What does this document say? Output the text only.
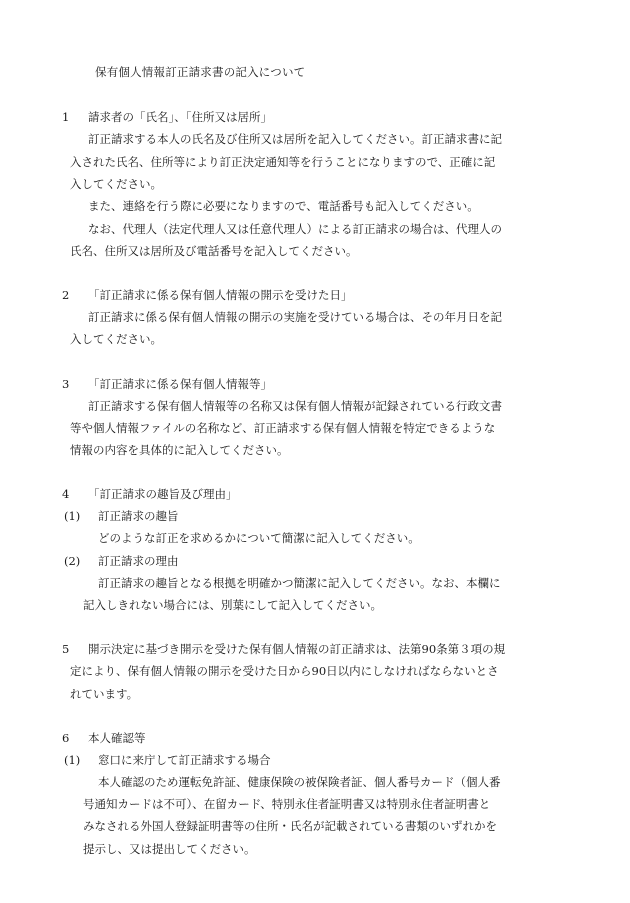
保有個人情報訂正請求書の記入について
1 請求者の「氏名」、「住所又は居所」
訂正請求する本人の氏名及び住所又は居所を記入してください。訂正請求書に記
入された氏名、住所等により訂正決定通知等を行うことになりますので、正確に記
入してください。
また、連絡を行う際に必要になりますので、電話番号も記入してください。
なお、代理人（法定代理人又は任意代理人）による訂正請求の場合は、代理人の
氏名、住所又は居所及び電話番号を記入してください。
2 「訂正請求に係る保有個人情報の開示を受けた日」
訂正請求に係る保有個人情報の開示の実施を受けている場合は、その年月日を記
入してください。
3 「訂正請求に係る保有個人情報等」
訂正請求する保有個人情報等の名称又は保有個人情報が記録されている行政文書
等や個人情報ファイルの名称など、訂正請求する保有個人情報を特定できるような
情報の内容を具体的に記入してください。
4 「訂正請求の趣旨及び理由」
(1) 訂正請求の趣旨
どのような訂正を求めるかについて簡潔に記入してください。
(2) 訂正請求の理由
訂正請求の趣旨となる根拠を明確かつ簡潔に記入してください。なお、本欄に
記入しきれない場合には、別葉にして記入してください。
5 開示決定に基づき開示を受けた保有個人情報の訂正請求は、法第90条第３項の規
定により、保有個人情報の開示を受けた日から90日以内にしなければならないとさ
れています。
6 本人確認等
(1) 窓口に来庁して訂正請求する場合
本人確認のため運転免許証、健康保険の被保険者証、個人番号カード（個人番
号通知カードは不可）、在留カード、特別永住者証明書又は特別永住者証明書と
みなされる外国人登録証明書等の住所・氏名が記載されている書類のいずれかを
提示し、又は提出してください。
